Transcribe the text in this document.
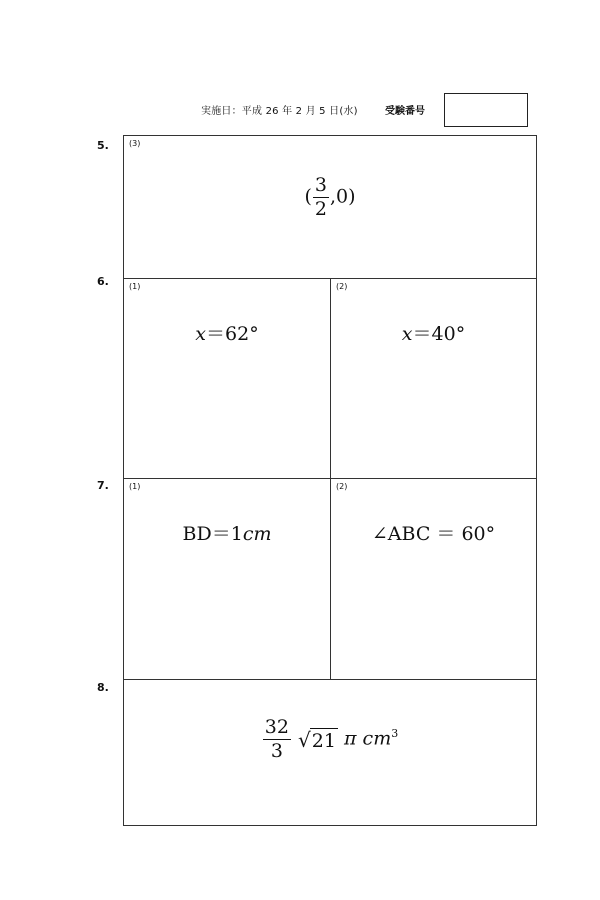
実施日：平成 26 年 2 月 5 日(水)	受験番号
5.	(3)
( $\frac{3}{2} ,0$)
6.	(1)
x＝62°
(2)
x＝40°
7.	(1)
BD＝1cm
(2)
∠ABC ＝ 60°
8.
$\frac{32}{3} √21$ π $cm^3$
